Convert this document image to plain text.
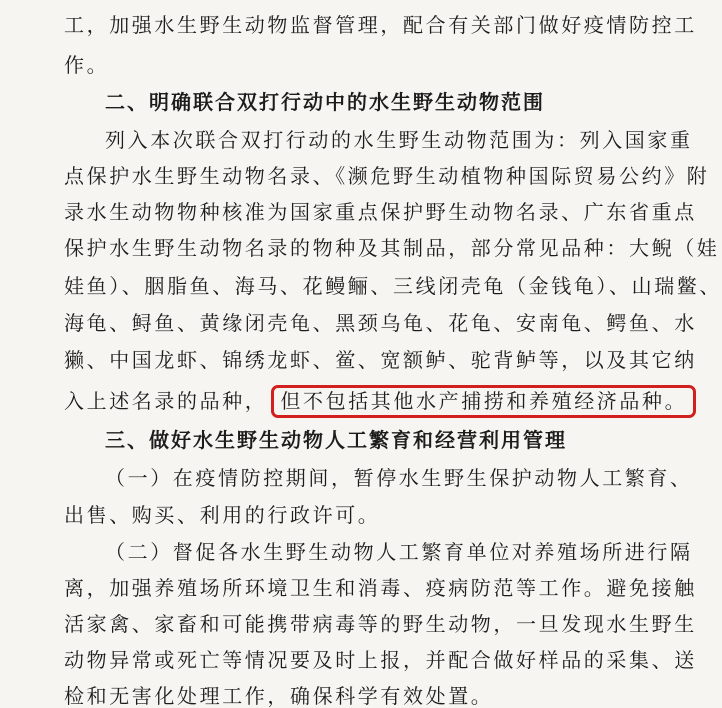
工，加强水生野生动物监督管理，配合有关部门做好疫情防控工
作。
二、明确联合双打行动中的水生野生动物范围
列入本次联合双打行动的水生野生动物范围为：列入国家重
点保护水生野生动物名录、《濒危野生动植物种国际贸易公约》附
录水生动物物种核准为国家重点保护野生动物名录、广东省重点
保护水生野生动物名录的物种及其制品，部分常见品种：大鲵（娃
娃鱼）、胭脂鱼、海马、花鳗鲡、三线闭壳龟（金钱龟）、山瑞鳖、
海龟、鲟鱼、黄缘闭壳龟、黑颈乌龟、花龟、安南龟、鳄鱼、水
獭、中国龙虾、锦绣龙虾、鲎、宽额鲈、驼背鲈等，以及其它纳
入上述名录的品种， 但不包括其他水产捕捞和养殖经济品种。
三、做好水生野生动物人工繁育和经营利用管理
（一）在疫情防控期间，暂停水生野生保护动物人工繁育、
出售、购买、利用的行政许可。
（二）督促各水生野生动物人工繁育单位对养殖场所进行隔
离，加强养殖场所环境卫生和消毒、疫病防范等工作。避免接触
活家禽、家畜和可能携带病毒等的野生动物，一旦发现水生野生
动物异常或死亡等情况要及时上报，并配合做好样品的采集、送
检和无害化处理工作，确保科学有效处置。
